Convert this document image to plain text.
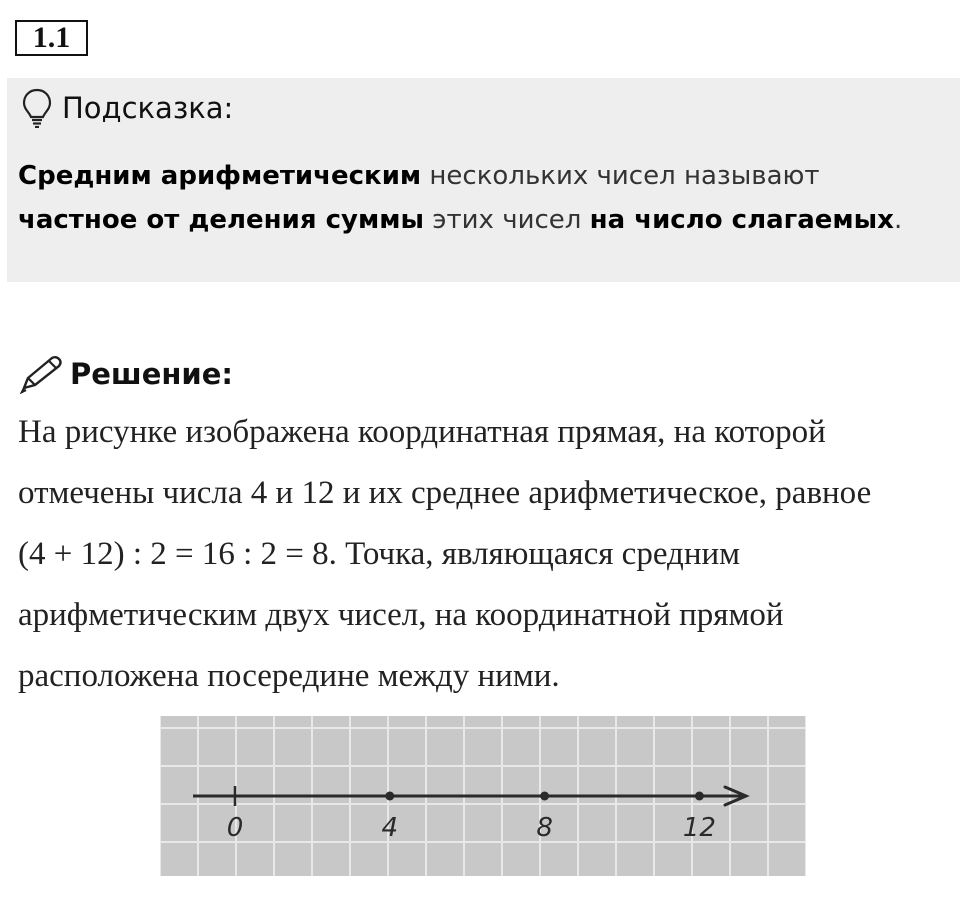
1.1
Подсказка:
Средним арифметическим нескольких чисел называют
частное от деления суммы этих чисел на число слагаемых.
Решение:
На рисунке изображена координатная прямая, на которой
отмечены числа 4 и 12 и их среднее арифметическое, равное
(4 + 12) : 2 = 16 : 2 = 8. Точка, являющаяся средним
арифметическим двух чисел, на координатной прямой
расположена посередине между ними.
0	4	8	12
